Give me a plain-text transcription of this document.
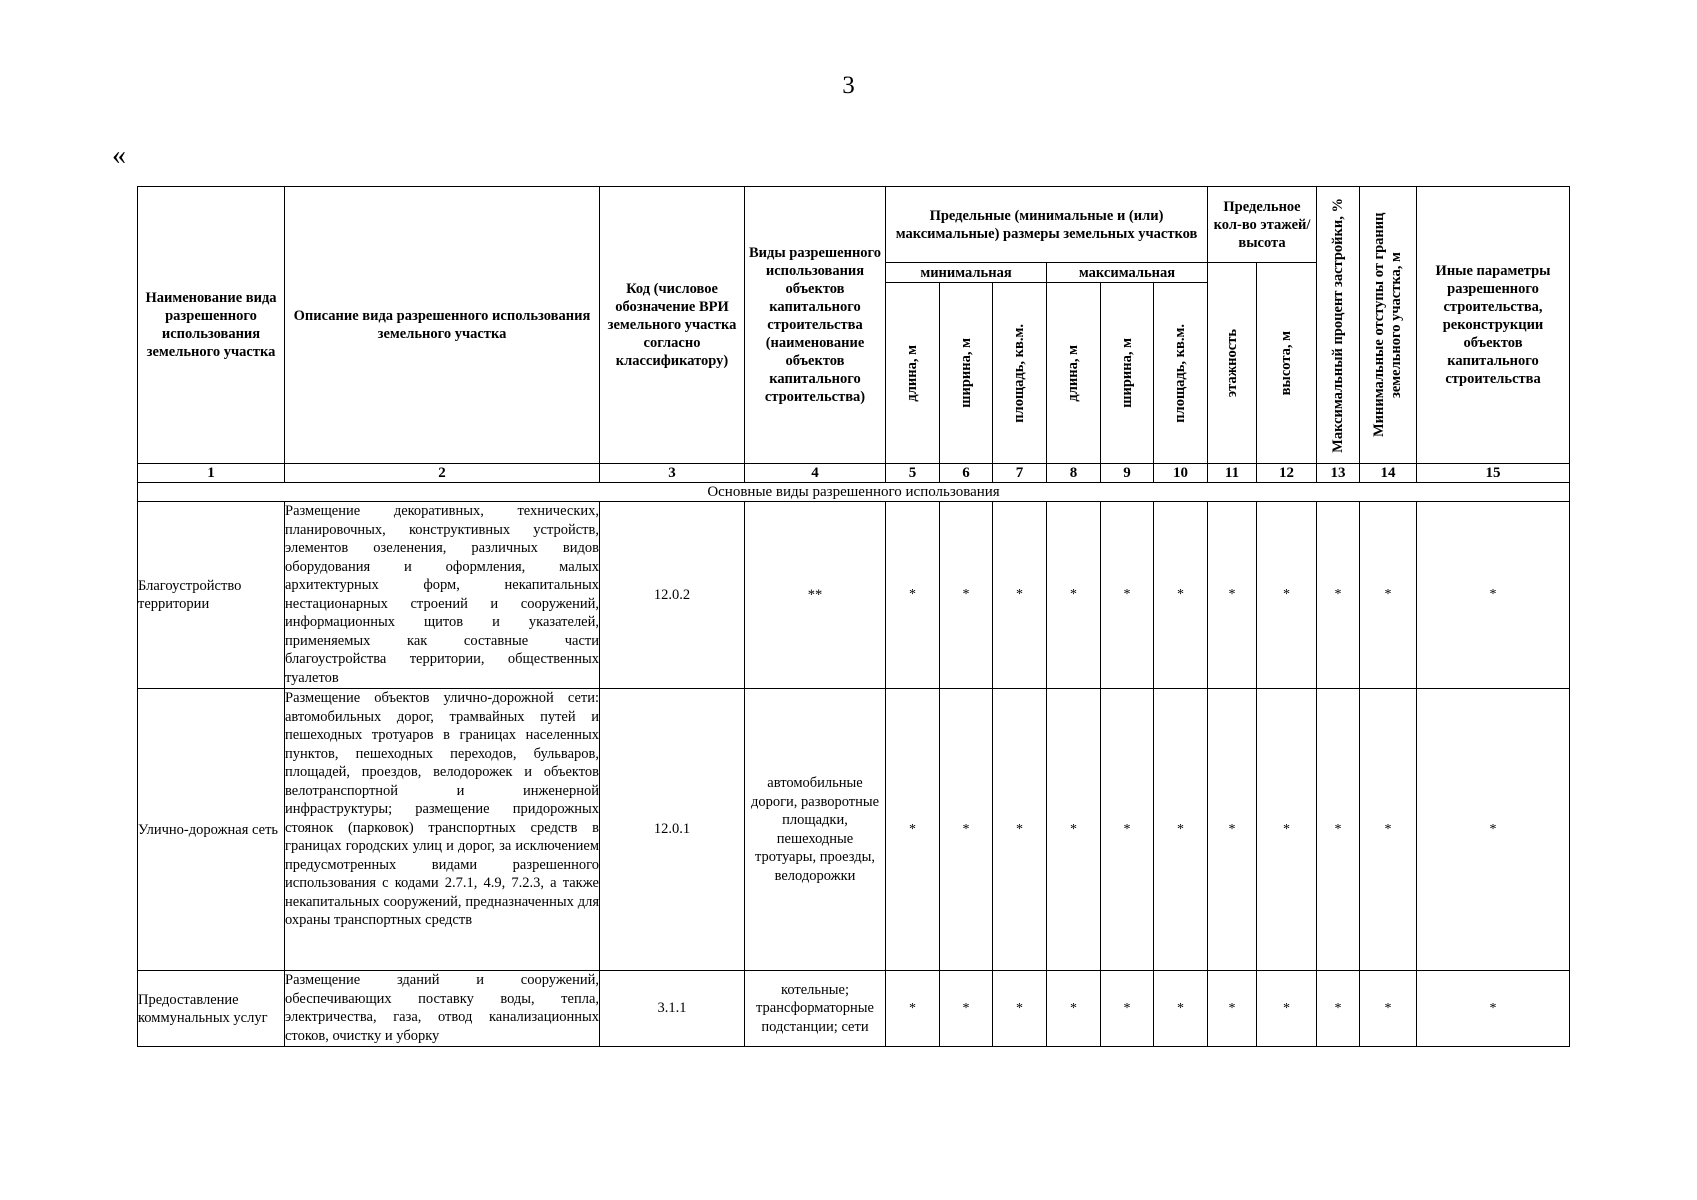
3
«
Наименование вида разрешенного использования земельного участка	Описание вида разрешенного использования земельного участка	Код (числовое обозначение ВРИ земельного участка согласно классификатору)	Виды разрешенного использования объектов капитального строительства (наименование объектов капитального строительства)	Предельные (минимальные и (или) максимальные) размеры земельных участков						Предельное кол-во этажей/ высота		Максимальный процент застройки, %	Минимальные отступы от границ земельного участка, м	Иные параметры разрешенного строительства, реконструкции объектов капитального строительства
				минимальная			максимальная			этажность	высота, м			

				длина, м	ширина, м	площадь, кв.м.	длина, м	ширина, м	площадь, кв.м.					

1	2	3	4	5	6	7	8	9	10	11	12	13	14	15
Основные виды разрешенного использования														
Благоустройство территории	Размещение декоративных, технических, планировочных, конструктивных устройств, элементов озеленения, различных видов оборудования и оформления, малых архитектурных форм, некапитальных нестационарных строений и сооружений, информационных щитов и указателей, применяемых как составные части благоустройства территории, общественных туалетов	12.0.2	**	*	*	*	*	*	*	*	*	*	*	*
Улично-дорожная сеть	Размещение объектов улично-дорожной сети: автомобильных дорог, трамвайных путей и пешеходных тротуаров в границах населенных пунктов, пешеходных переходов, бульваров, площадей, проездов, велодорожек и объектов велотранспортной и инженерной инфраструктуры; размещение придорожных стоянок (парковок) транспортных средств в границах городских улиц и дорог, за исключением предусмотренных видами разрешенного использования с кодами 2.7.1, 4.9, 7.2.3, а также некапитальных сооружений, предназначенных для охраны транспортных средств	12.0.1	автомобильные дороги, разворотные площадки, пешеходные тротуары, проезды, велодорожки	*	*	*	*	*	*	*	*	*	*	*
Предоставление коммунальных услуг	Размещение зданий и сооружений, обеспечивающих поставку воды, тепла, электричества, газа, отвод канализационных стоков, очистку и уборку	3.1.1	котельные; трансформаторные подстанции; сети	*	*	*	*	*	*	*	*	*	*	*
